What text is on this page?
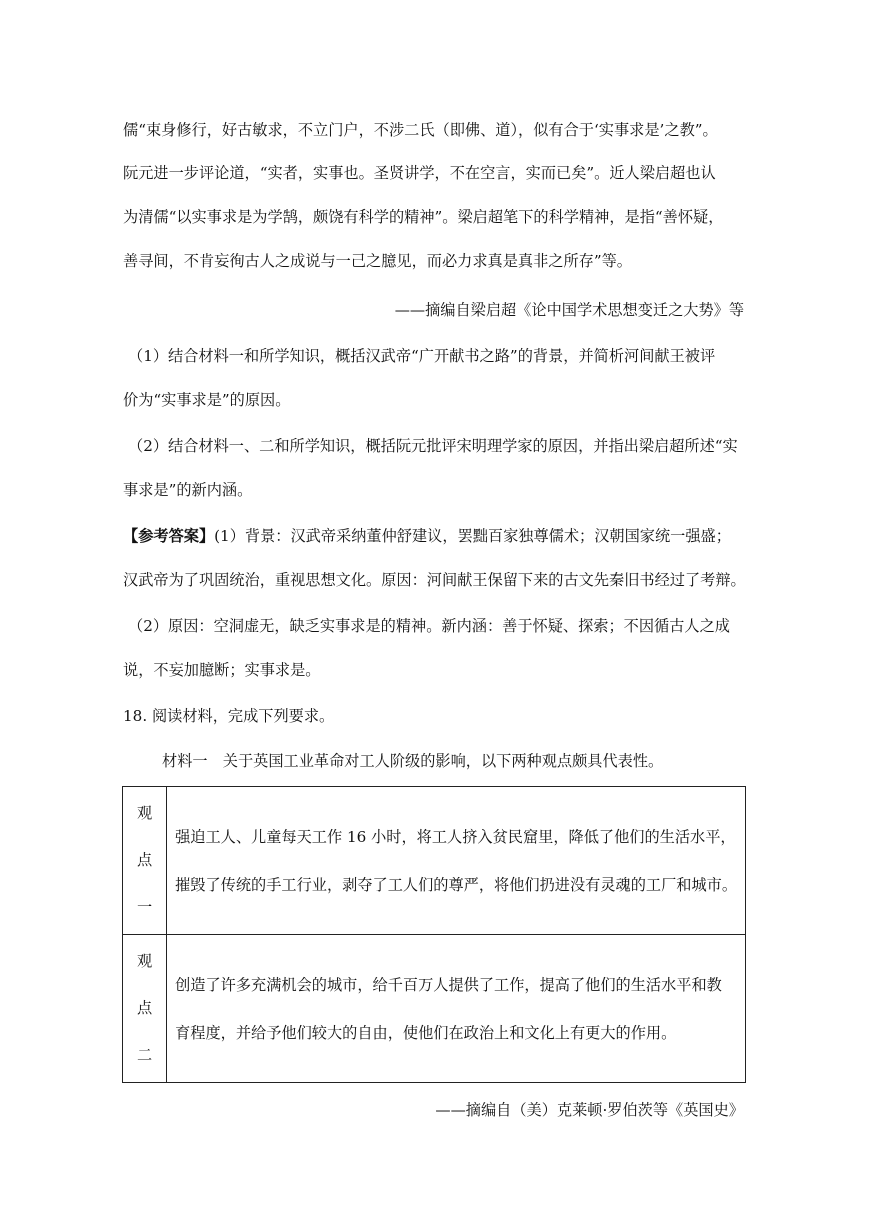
儒“束身修行，好古敏求，不立门户，不涉二氏（即佛、道），似有合于‘实事求是’之教”。
阮元进一步评论道，“实者，实事也。圣贤讲学，不在空言，实而已矣”。近人梁启超也认
为清儒“以实事求是为学鹄，颇饶有科学的精神”。梁启超笔下的科学精神，是指“善怀疑，
善寻间，不肯妄徇古人之成说与一己之臆见，而必力求真是真非之所存”等。
——摘编自梁启超《论中国学术思想变迁之大势》等
（1）结合材料一和所学知识，概括汉武帝“广开献书之路”的背景，并简析河间献王被评
价为“实事求是”的原因。
（2）结合材料一、二和所学知识，概括阮元批评宋明理学家的原因，并指出梁启超所述“实
事求是”的新内涵。
【参考答案】(1）背景：汉武帝采纳董仲舒建议，罢黜百家独尊儒术；汉朝国家统一强盛；
汉武帝为了巩固统治，重视思想文化。原因：河间献王保留下来的古文先秦旧书经过了考辩。
（2）原因：空洞虚无，缺乏实事求是的精神。新内涵：善于怀疑、探索；不因循古人之成
说，不妄加臆断；实事求是。
18. 阅读材料，完成下列要求。
材料一　关于英国工业革命对工人阶级的影响，以下两种观点颇具代表性。
观
点
一	强迫工人、儿童每天工作 16 小时，将工人挤入贫民窟里，降低了他们的生活水平，
摧毁了传统的手工行业，剥夺了工人们的尊严，将他们扔进没有灵魂的工厂和城市。

观
点
二	创造了许多充满机会的城市，给千百万人提供了工作，提高了他们的生活水平和教
育程度，并给予他们较大的自由，使他们在政治上和文化上有更大的作用。
——摘编自（美）克莱顿·罗伯茨等《英国史》
